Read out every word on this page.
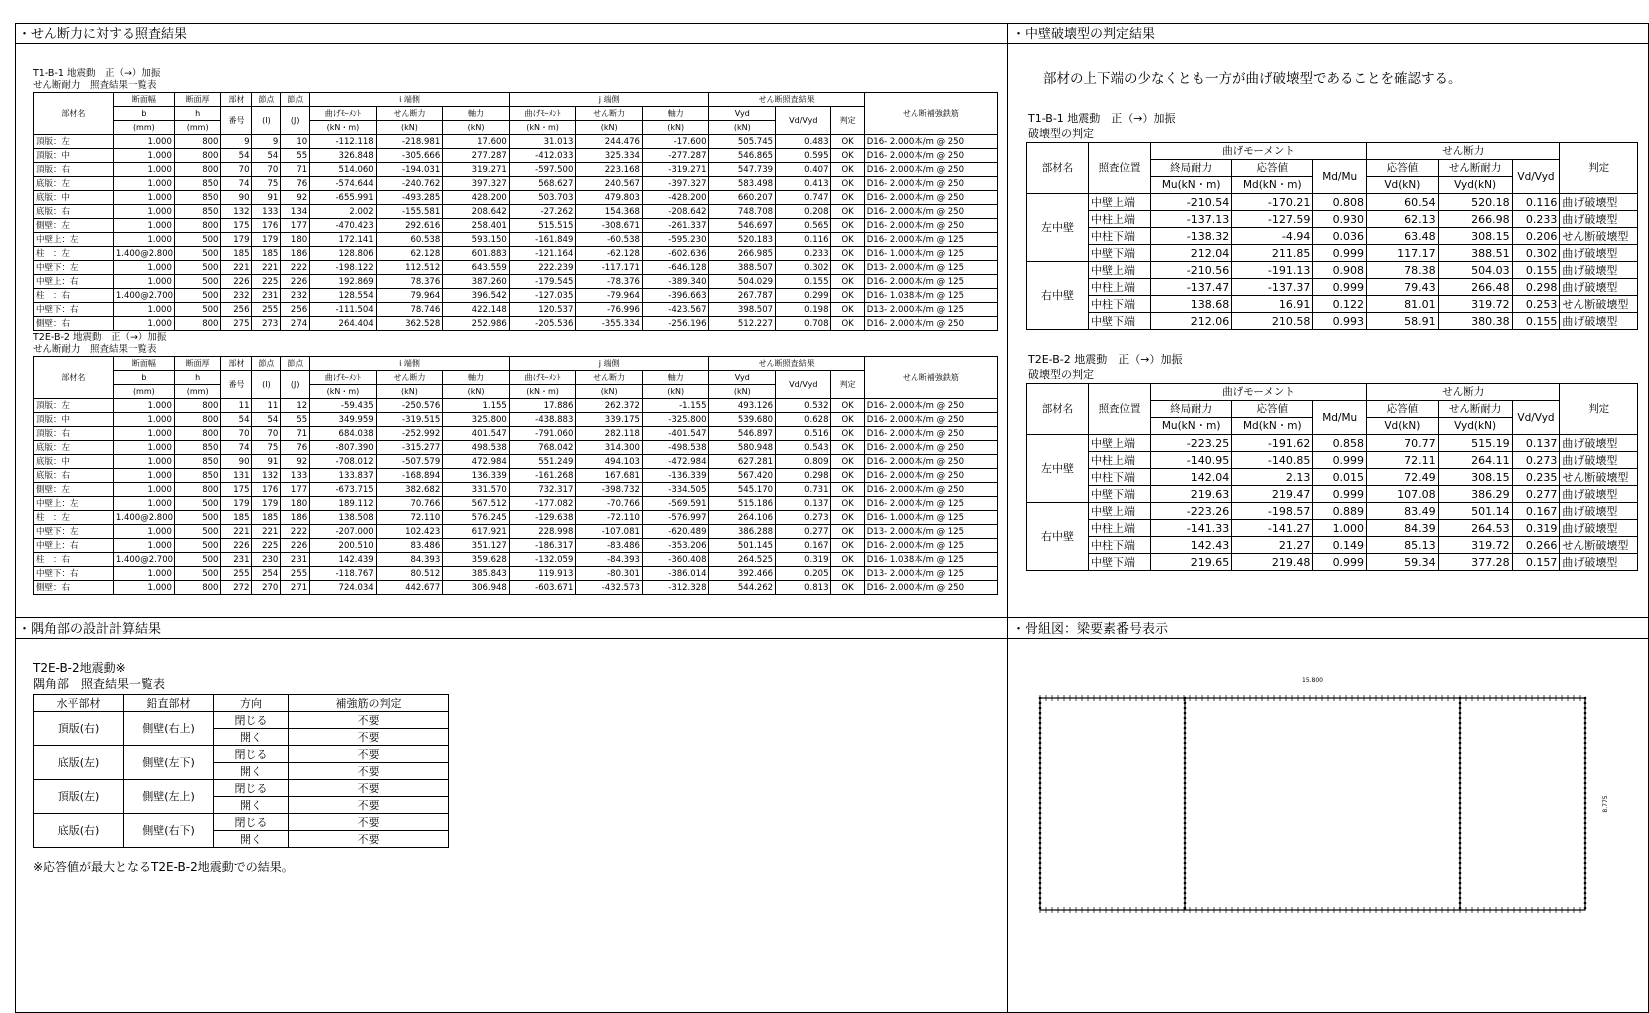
・せん断力に対する照査結果	・中壁破壊型の判定結果
・隅角部の設計計算結果	・骨組図：梁要素番号表示
T1-B-1 地震動　正（→）加振
せん断耐力　照査結果一覧表
部材名	断面幅	断面厚	部材	節点	節点	i 端側			j 端側			せん断照査結果			せん断補強鉄筋
	b	h	番号	(I)	(J)	曲げﾓｰﾒﾝﾄ	せん断力	軸力	曲げﾓｰﾒﾝﾄ	せん断力	軸力	Vyd	Vd/Vyd	判定	
	(mm)	(mm)				(kN・m)	(kN)	(kN)	(kN・m)	(kN)	(kN)	(kN)			
頂版：左	1.000	800	9	9	10	-112.118	-218.981	17.600	31.013	244.476	-17.600	505.745	0.483	OK	D16- 2.000本/m @ 250
頂版：中	1.000	800	54	54	55	326.848	-305.666	277.287	-412.033	325.334	-277.287	546.865	0.595	OK	D16- 2.000本/m @ 250
頂版：右	1.000	800	70	70	71	514.060	-194.031	319.271	-597.500	223.168	-319.271	547.739	0.407	OK	D16- 2.000本/m @ 250
底版：左	1.000	850	74	75	76	-574.644	-240.762	397.327	568.627	240.567	-397.327	583.498	0.413	OK	D16- 2.000本/m @ 250
底版：中	1.000	850	90	91	92	-655.991	-493.285	428.200	503.703	479.803	-428.200	660.207	0.747	OK	D16- 2.000本/m @ 250
底版：右	1.000	850	132	133	134	2.002	-155.581	208.642	-27.262	154.368	-208.642	748.708	0.208	OK	D16- 2.000本/m @ 250
側壁：左	1.000	800	175	176	177	-470.423	292.616	258.401	515.515	-308.671	-261.337	546.697	0.565	OK	D16- 2.000本/m @ 250
中壁上：左	1.000	500	179	179	180	172.141	60.538	593.150	-161.849	-60.538	-595.230	520.183	0.116	OK	D16- 2.000本/m @ 125
柱　：左	1.400@2.800	500	185	185	186	128.806	62.128	601.883	-121.164	-62.128	-602.636	266.985	0.233	OK	D16- 1.000本/m @ 125
中壁下：左	1.000	500	221	221	222	-198.122	112.512	643.559	222.239	-117.171	-646.128	388.507	0.302	OK	D13- 2.000本/m @ 125
中壁上：右	1.000	500	226	225	226	192.869	78.376	387.260	-179.545	-78.376	-389.340	504.029	0.155	OK	D16- 2.000本/m @ 125
柱　：右	1.400@2.700	500	232	231	232	128.554	79.964	396.542	-127.035	-79.964	-396.663	267.787	0.299	OK	D16- 1.038本/m @ 125
中壁下：右	1.000	500	256	255	256	-111.504	78.746	422.148	120.537	-76.996	-423.567	398.507	0.198	OK	D13- 2.000本/m @ 125
側壁：右	1.000	800	275	273	274	264.404	362.528	252.986	-205.536	-355.334	-256.196	512.227	0.708	OK	D16- 2.000本/m @ 250
T2E-B-2 地震動　正（→）加振
せん断耐力　照査結果一覧表
部材名	断面幅	断面厚	部材	節点	節点	i 端側			j 端側			せん断照査結果			せん断補強鉄筋
	b	h	番号	(I)	(J)	曲げﾓｰﾒﾝﾄ	せん断力	軸力	曲げﾓｰﾒﾝﾄ	せん断力	軸力	Vyd	Vd/Vyd	判定	
	(mm)	(mm)				(kN・m)	(kN)	(kN)	(kN・m)	(kN)	(kN)	(kN)			
頂版：左	1.000	800	11	11	12	-59.435	-250.576	1.155	17.886	262.372	-1.155	493.126	0.532	OK	D16- 2.000本/m @ 250
頂版：中	1.000	800	54	54	55	349.959	-319.515	325.800	-438.883	339.175	-325.800	539.680	0.628	OK	D16- 2.000本/m @ 250
頂版：右	1.000	800	70	70	71	684.038	-252.992	401.547	-791.060	282.118	-401.547	546.897	0.516	OK	D16- 2.000本/m @ 250
底版：左	1.000	850	74	75	76	-807.390	-315.277	498.538	768.042	314.300	-498.538	580.948	0.543	OK	D16- 2.000本/m @ 250
底版：中	1.000	850	90	91	92	-708.012	-507.579	472.984	551.249	494.103	-472.984	627.281	0.809	OK	D16- 2.000本/m @ 250
底版：右	1.000	850	131	132	133	133.837	-168.894	136.339	-161.268	167.681	-136.339	567.420	0.298	OK	D16- 2.000本/m @ 250
側壁：左	1.000	800	175	176	177	-673.715	382.682	331.570	732.317	-398.732	-334.505	545.170	0.731	OK	D16- 2.000本/m @ 250
中壁上：左	1.000	500	179	179	180	189.112	70.766	567.512	-177.082	-70.766	-569.591	515.186	0.137	OK	D16- 2.000本/m @ 125
柱　：左	1.400@2.800	500	185	185	186	138.508	72.110	576.245	-129.638	-72.110	-576.997	264.106	0.273	OK	D16- 1.000本/m @ 125
中壁下：左	1.000	500	221	221	222	-207.000	102.423	617.921	228.998	-107.081	-620.489	386.288	0.277	OK	D13- 2.000本/m @ 125
中壁上：右	1.000	500	226	225	226	200.510	83.486	351.127	-186.317	-83.486	-353.206	501.145	0.167	OK	D16- 2.000本/m @ 125
柱　：右	1.400@2.700	500	231	230	231	142.439	84.393	359.628	-132.059	-84.393	-360.408	264.525	0.319	OK	D16- 1.038本/m @ 125
中壁下：右	1.000	500	255	254	255	-118.767	80.512	385.843	119.913	-80.301	-386.014	392.466	0.205	OK	D13- 2.000本/m @ 125
側壁：右	1.000	800	272	270	271	724.034	442.677	306.948	-603.671	-432.573	-312.328	544.262	0.813	OK	D16- 2.000本/m @ 250
部材の上下端の少なくとも一方が曲げ破壊型であることを確認する。
T1-B-1 地震動　正（→）加振
破壊型の判定
部材名	照査位置	曲げモーメント			せん断力			判定
		終局耐力	応答値	Md/Mu	応答値	せん断耐力	Vd/Vyd	
		Mu(kN・m)	Md(kN・m)		Vd(kN)	Vyd(kN)		
左中壁	中壁上端	-210.54	-170.21	0.808	60.54	520.18	0.116	曲げ破壊型
	中柱上端	-137.13	-127.59	0.930	62.13	266.98	0.233	曲げ破壊型
	中柱下端	-138.32	-4.94	0.036	63.48	308.15	0.206	せん断破壊型
	中壁下端	212.04	211.85	0.999	117.17	388.51	0.302	曲げ破壊型
右中壁	中壁上端	-210.56	-191.13	0.908	78.38	504.03	0.155	曲げ破壊型
	中柱上端	-137.47	-137.37	0.999	79.43	266.48	0.298	曲げ破壊型
	中柱下端	138.68	16.91	0.122	81.01	319.72	0.253	せん断破壊型
	中壁下端	212.06	210.58	0.993	58.91	380.38	0.155	曲げ破壊型
T2E-B-2 地震動　正（→）加振
破壊型の判定
部材名	照査位置	曲げモーメント			せん断力			判定
		終局耐力	応答値	Md/Mu	応答値	せん断耐力	Vd/Vyd	
		Mu(kN・m)	Md(kN・m)		Vd(kN)	Vyd(kN)		
左中壁	中壁上端	-223.25	-191.62	0.858	70.77	515.19	0.137	曲げ破壊型
	中柱上端	-140.95	-140.85	0.999	72.11	264.11	0.273	曲げ破壊型
	中柱下端	142.04	2.13	0.015	72.49	308.15	0.235	せん断破壊型
	中壁下端	219.63	219.47	0.999	107.08	386.29	0.277	曲げ破壊型
右中壁	中壁上端	-223.26	-198.57	0.889	83.49	501.14	0.167	曲げ破壊型
	中柱上端	-141.33	-141.27	1.000	84.39	264.53	0.319	曲げ破壊型
	中柱下端	142.43	21.27	0.149	85.13	319.72	0.266	せん断破壊型
	中壁下端	219.65	219.48	0.999	59.34	377.28	0.157	曲げ破壊型
T2E-B-2地震動※
隅角部　照査結果一覧表
水平部材	鉛直部材	方向	補強筋の判定
頂版(右)	側壁(右上)	閉じる	不要
		開く	不要
底版(左)	側壁(左下)	閉じる	不要
		開く	不要
頂版(左)	側壁(左上)	閉じる	不要
		開く	不要
底版(右)	側壁(右下)	閉じる	不要
		開く	不要
※応答値が最大となるT2E-B-2地震動での結果。
15.800
8.775
